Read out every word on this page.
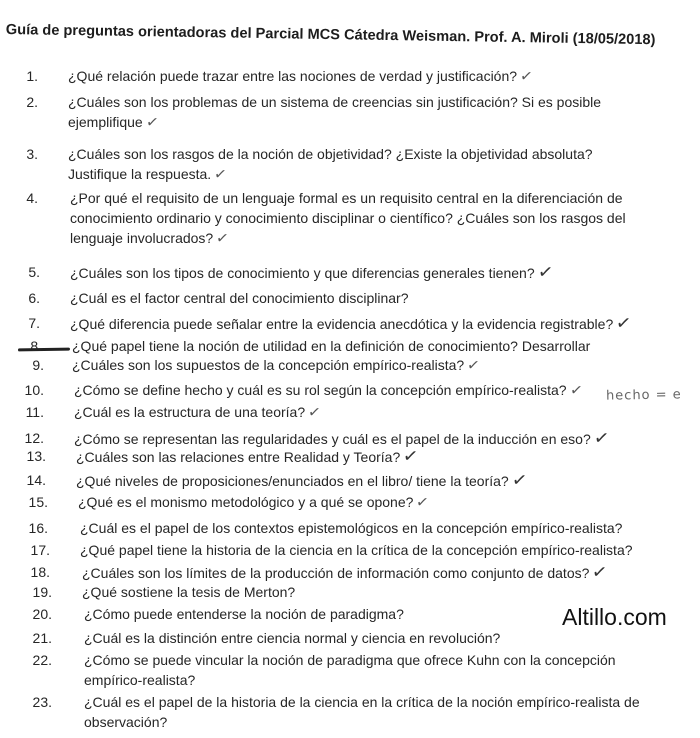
Guía de preguntas orientadoras del Parcial MCS Cátedra Weisman. Prof. A. Miroli (18/05/2018)
hecho = e
Altillo.com
1. ¿Qué relación puede trazar entre las nociones de verdad y justificación? ✓
2. ¿Cuáles son los problemas de un sistema de creencias sin justificación? Si es posible
ejemplifique ✓
3. ¿Cuáles son los rasgos de la noción de objetividad? ¿Existe la objetividad absoluta?
Justifique la respuesta. ✓
4. ¿Por qué el requisito de un lenguaje formal es un requisito central en la diferenciación de
conocimiento ordinario y conocimiento disciplinar o científico? ¿Cuáles son los rasgos del
lenguaje involucrados? ✓
5. ¿Cuáles son los tipos de conocimiento y que diferencias generales tienen?✓
6. ¿Cuál es el factor central del conocimiento disciplinar?
7. ¿Qué diferencia puede señalar entre la evidencia anecdótica y la evidencia registrable?✓
8. ¿Qué papel tiene la noción de utilidad en la definición de conocimiento? Desarrollar
9. ¿Cuáles son los supuestos de la concepción empírico-realista? ✓
10. ¿Cómo se define hecho y cuál es su rol según la concepción empírico-realista? ✓
11. ¿Cuál es la estructura de una teoría? ✓
12. ¿Cómo se representan las regularidades y cuál es el papel de la inducción en eso?✓
13. ¿Cuáles son las relaciones entre Realidad y Teoría?✓
14. ¿Qué niveles de proposiciones/enunciados en el libro/ tiene la teoría?✓
15. ¿Qué es el monismo metodológico y a qué se opone? ✓
16. ¿Cuál es el papel de los contextos epistemológicos en la concepción empírico-realista?
17. ¿Qué papel tiene la historia de la ciencia en la crítica de la concepción empírico-realista?
18. ¿Cuáles son los límites de la producción de información como conjunto de datos?✓
19. ¿Qué sostiene la tesis de Merton?
20. ¿Cómo puede entenderse la noción de paradigma?
21. ¿Cuál es la distinción entre ciencia normal y ciencia en revolución?
22. ¿Cómo se puede vincular la noción de paradigma que ofrece Kuhn con la concepción
empírico-realista?
23. ¿Cuál es el papel de la historia de la ciencia en la crítica de la noción empírico-realista de
observación?
